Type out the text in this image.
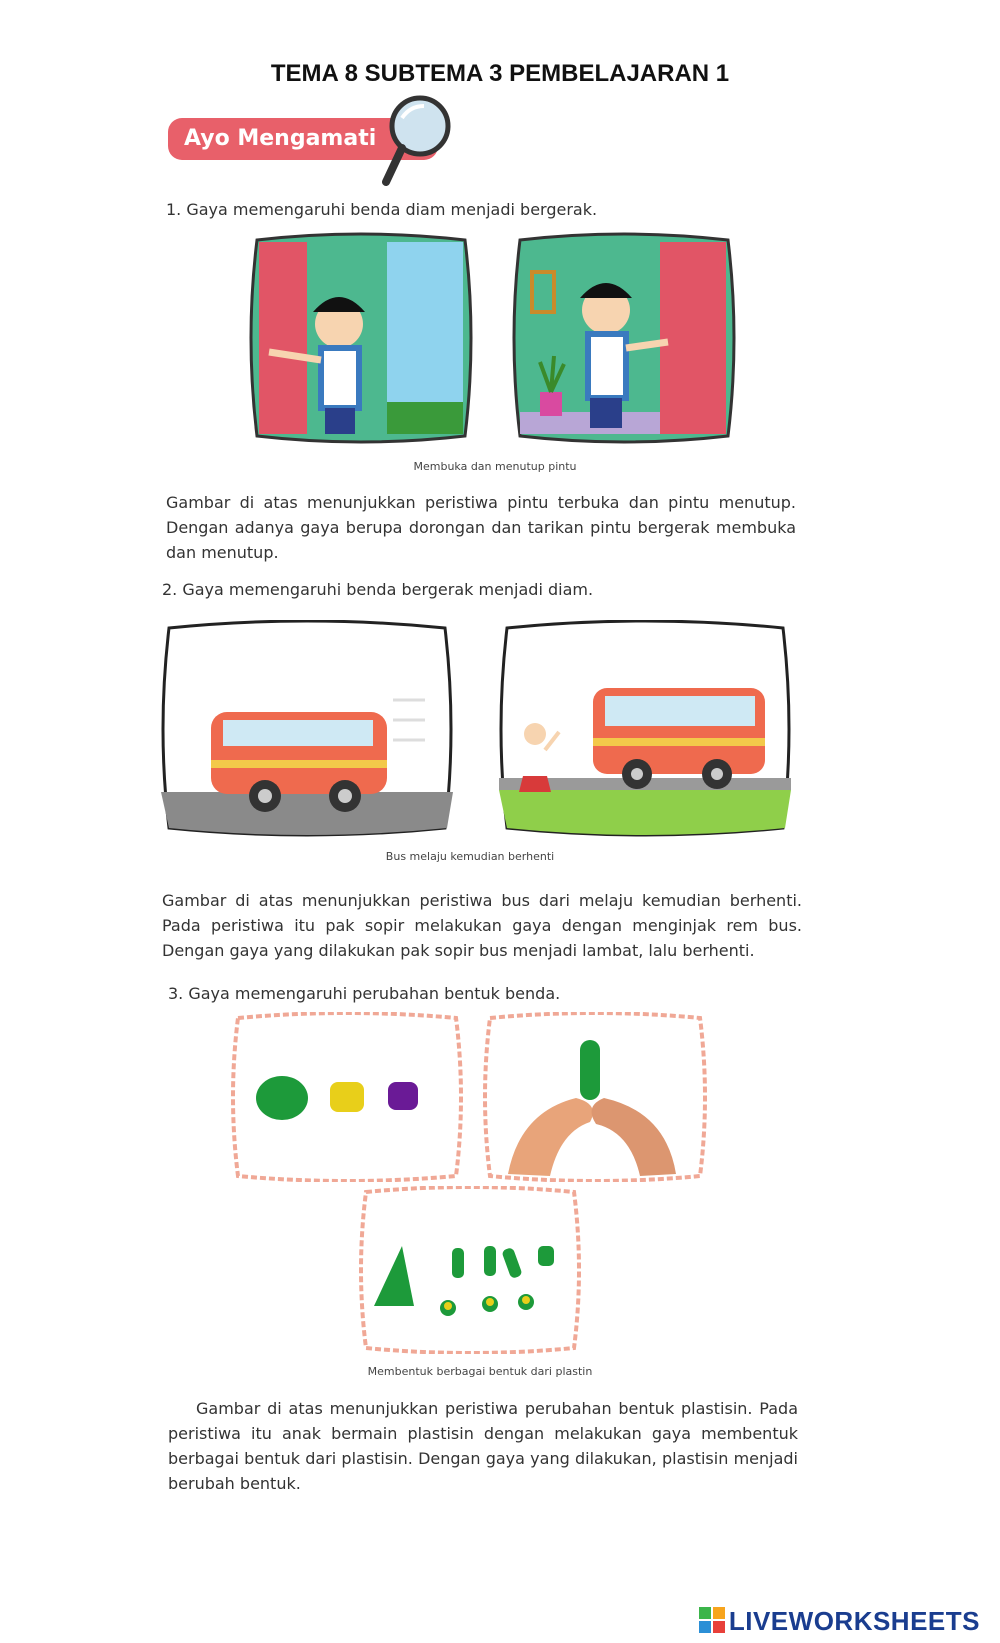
TEMA 8 SUBTEMA 3 PEMBELAJARAN 1
Ayo Mengamati
1. Gaya memengaruhi benda diam menjadi bergerak.
Membuka dan menutup pintu
Gambar di atas menunjukkan peristiwa pintu terbuka dan pintu menutup. Dengan adanya gaya berupa dorongan dan tarikan pintu bergerak membuka dan menutup.
2. Gaya memengaruhi benda bergerak menjadi diam.
Bus melaju kemudian berhenti
Gambar di atas menunjukkan peristiwa bus dari melaju kemudian berhenti. Pada peristiwa itu pak sopir melakukan gaya dengan menginjak rem bus. Dengan gaya yang dilakukan pak sopir bus menjadi lambat, lalu berhenti.
3. Gaya memengaruhi perubahan bentuk benda.
Membentuk berbagai bentuk dari plastin
Gambar di atas menunjukkan peristiwa perubahan bentuk plastisin. Pada peristiwa itu anak bermain plastisin dengan melakukan gaya membentuk berbagai bentuk dari plastisin. Dengan gaya yang dilakukan, plastisin menjadi berubah bentuk.
LIVEWORKSHEETS
